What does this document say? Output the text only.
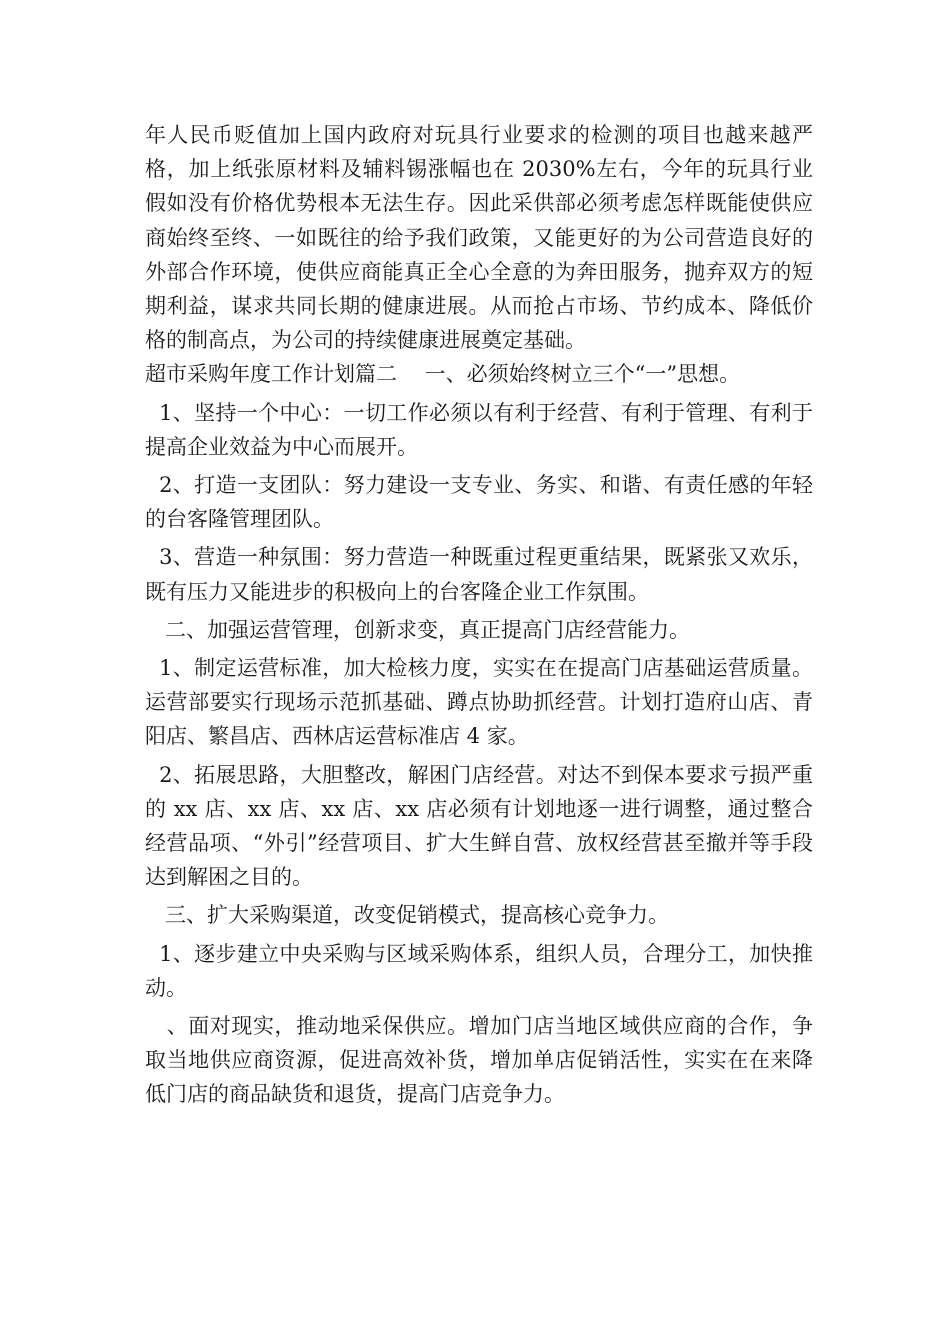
年人民币贬值加上国内政府对玩具行业要求的检测的项目也越来越严格，加上纸张原材料及辅料锡涨幅也在 2030%左右，今年的玩具行业假如没有价格优势根本无法生存。因此采供部必须考虑怎样既能使供应商始终至终、一如既往的给予我们政策，又能更好的为公司营造良好的外部合作环境，使供应商能真正全心全意的为奔田服务，抛弃双方的短期利益，谋求共同长期的健康进展。从而抢占市场、节约成本、降低价格的制高点，为公司的持续健康进展奠定基础。

超市采购年度工作计划篇二　 一、必须始终树立三个“一”思想。

1、坚持一个中心：一切工作必须以有利于经营、有利于管理、有利于提高企业效益为中心而展开。

2、打造一支团队：努力建设一支专业、务实、和谐、有责任感的年轻的台客隆管理团队。

3、营造一种氛围：努力营造一种既重过程更重结果，既紧张又欢乐，既有压力又能进步的积极向上的台客隆企业工作氛围。

二、加强运营管理，创新求变，真正提高门店经营能力。

1、制定运营标准，加大检核力度，实实在在提高门店基础运营质量。运营部要实行现场示范抓基础、蹲点协助抓经营。计划打造府山店、青阳店、繁昌店、西林店运营标准店 4 家。

2、拓展思路，大胆整改，解困门店经营。对达不到保本要求亏损严重的 xx 店、xx 店、xx 店、xx 店必须有计划地逐一进行调整，通过整合经营品项、“外引”经营项目、扩大生鲜自营、放权经营甚至撤并等手段达到解困之目的。

三、扩大采购渠道，改变促销模式，提高核心竞争力。

1、逐步建立中央采购与区域采购体系，组织人员，合理分工，加快推动。

、面对现实，推动地采保供应。增加门店当地区域供应商的合作，争取当地供应商资源，促进高效补货，增加单店促销活性，实实在在来降低门店的商品缺货和退货，提高门店竞争力。
